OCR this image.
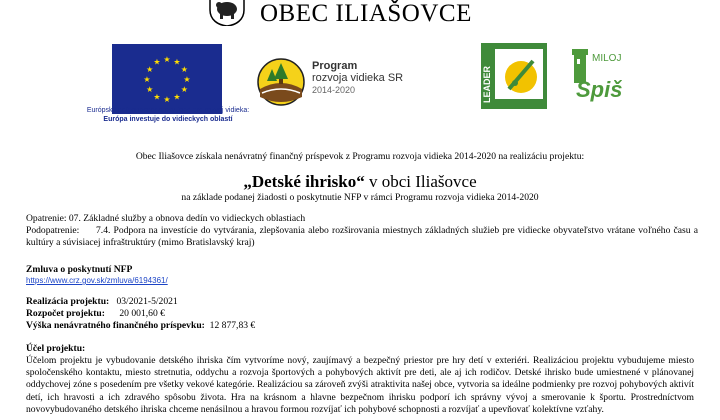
OBEC ILIAŠOVCE
★ ★
★
★
★
★
★
★
★
★
★
★
Európsky poľnohospodársky fond pre rozvoj vidieka:
Európa investuje do vidieckych oblastí
Program
rozvoja vidieka SR
2014-2020	LEADER
MILOJ
Spiš
Obec Iliašovce získala nenávratný finančný príspevok z Programu rozvoja vidieka 2014-2020 na realizáciu projektu:
„Detské ihrisko“ v obci Iliašovce
na základe podanej žiadosti o poskytnutie NFP v rámci Programu rozvoja vidieka 2014-2020
Opatrenie: 07. Základné služby a obnova dedín vo vidieckych oblastiach
Podopatrenie: 7.4. Podpora na investície do vytvárania, zlepšovania alebo rozširovania miestnych základných služieb pre vidiecke obyvateľstvo vrátane voľného času a kultúry a súvisiacej infraštruktúry (mimo Bratislavský kraj)
Zmluva o poskytnutí NFP
https://www.crz.gov.sk/zmluva/6194361/
Realizácia projektu: 03/2021-5/2021
Rozpočet projektu: 20 001,60 €
Výška nenávratného finančného príspevku: 12 877,83 €
Účel projektu:
Účelom projektu je vybudovanie detského ihriska čím vytvoríme nový, zaujímavý a bezpečný priestor pre hry detí v exteriéri. Realizáciou projektu vybudujeme miesto spoločenského kontaktu, miesto stretnutia, oddychu a rozvoja športových a pohybových aktivít pre deti, ale aj ich rodičov. Detské ihrisko bude umiestnené v plánovanej oddychovej zóne s posedením pre všetky vekové kategórie. Realizáciou sa zároveň zvýši atraktivita našej obce, vytvoria sa ideálne podmienky pre rozvoj pohybových aktivít detí, ich hravosti a ich zdravého spôsobu života. Hra na krásnom a hlavne bezpečnom ihrisku podporí ich správny vývoj a smerovanie k športu. Prostredníctvom novovybudovaného detského ihriska chceme nenásilnou a hravou formou rozvíjať ich pohybové schopnosti a rozvíjať a upevňovať kolektívne vzťahy.
